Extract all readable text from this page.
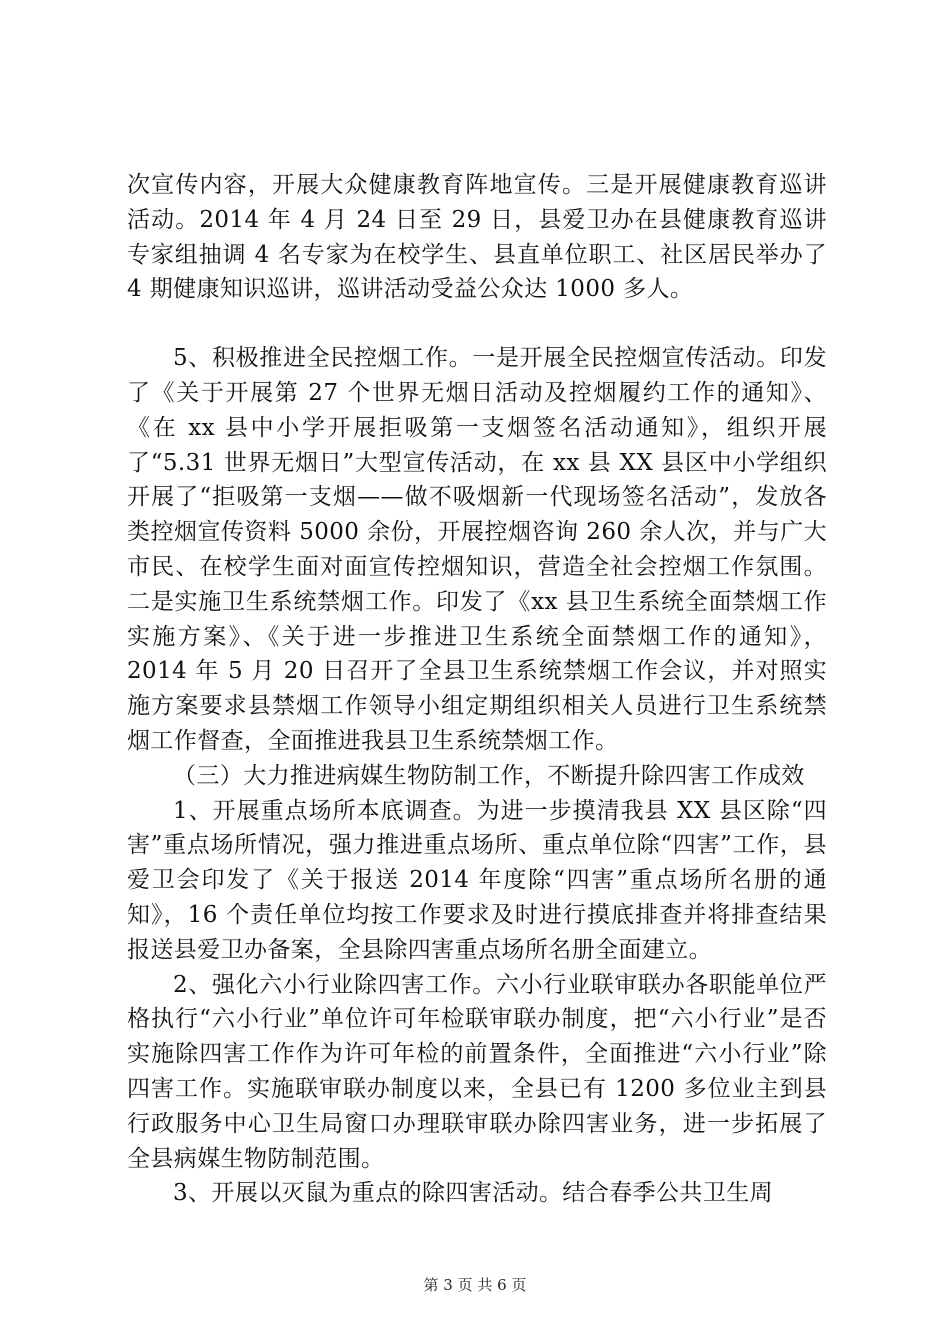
次宣传内容，开展大众健康教育阵地宣传。三是开展健康教育巡讲活动。2014 年 4 月 24 日至 29 日，县爱卫办在县健康教育巡讲专家组抽调 4 名专家为在校学生、县直单位职工、社区居民举办了 4 期健康知识巡讲，巡讲活动受益公众达 1000 多人。

5、积极推进全民控烟工作。一是开展全民控烟宣传活动。印发了《关于开展第 27 个世界无烟日活动及控烟履约工作的通知》、《在 xx 县中小学开展拒吸第一支烟签名活动通知》，组织开展了“5.31 世界无烟日”大型宣传活动，在 xx 县 XX 县区中小学组织开展了“拒吸第一支烟——做不吸烟新一代现场签名活动”，发放各类控烟宣传资料 5000 余份，开展控烟咨询 260 余人次，并与广大市民、在校学生面对面宣传控烟知识，营造全社会控烟工作氛围。二是实施卫生系统禁烟工作。印发了《xx 县卫生系统全面禁烟工作实施方案》、《关于进一步推进卫生系统全面禁烟工作的通知》，2014 年 5 月 20 日召开了全县卫生系统禁烟工作会议，并对照实施方案要求县禁烟工作领导小组定期组织相关人员进行卫生系统禁烟工作督查，全面推进我县卫生系统禁烟工作。

（三）大力推进病媒生物防制工作，不断提升除四害工作成效

1、开展重点场所本底调查。为进一步摸清我县 XX 县区除“四害”重点场所情况，强力推进重点场所、重点单位除“四害”工作，县爱卫会印发了《关于报送 2014 年度除“四害”重点场所名册的通知》，16 个责任单位均按工作要求及时进行摸底排查并将排查结果报送县爱卫办备案，全县除四害重点场所名册全面建立。

2、强化六小行业除四害工作。六小行业联审联办各职能单位严格执行“六小行业”单位许可年检联审联办制度，把“六小行业”是否实施除四害工作作为许可年检的前置条件，全面推进“六小行业”除四害工作。实施联审联办制度以来，全县已有 1200 多位业主到县行政服务中心卫生局窗口办理联审联办除四害业务，进一步拓展了全县病媒生物防制范围。

3、开展以灭鼠为重点的除四害活动。结合春季公共卫生周

第 3 页 共 6 页
